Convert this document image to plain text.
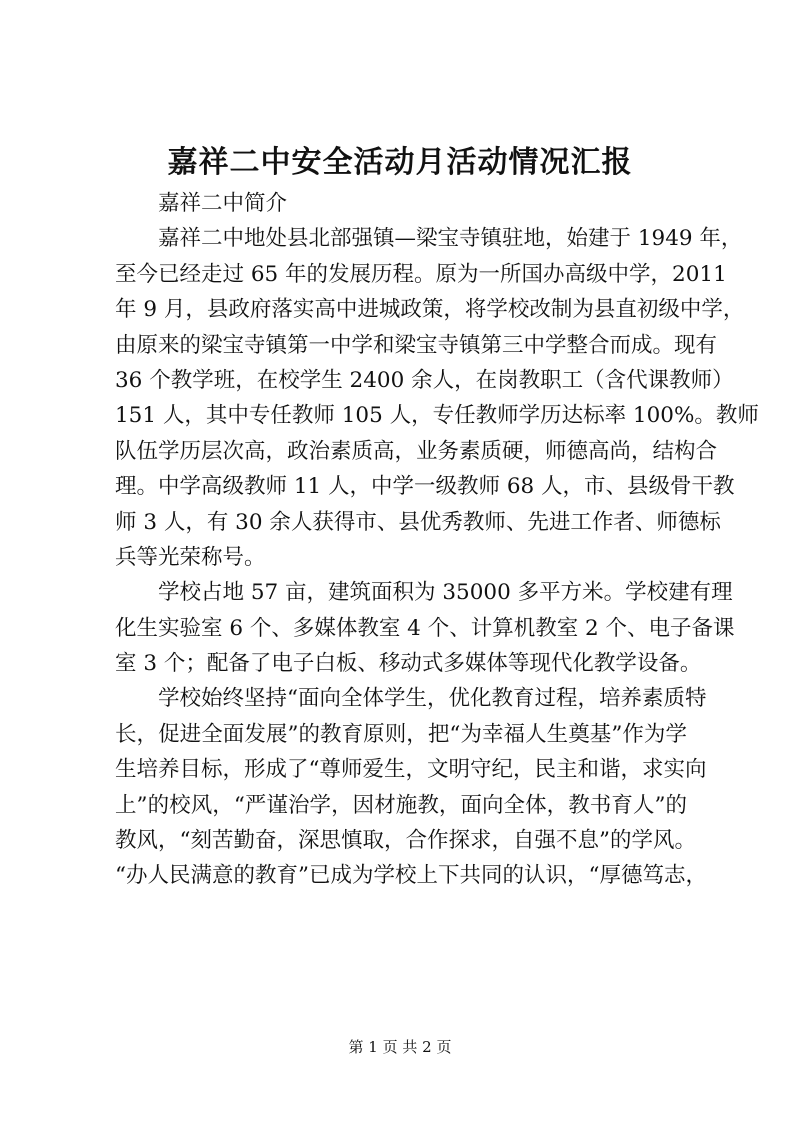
嘉祥二中安全活动月活动情况汇报
嘉祥二中简介
嘉祥二中地处县北部强镇—梁宝寺镇驻地，始建于 1949 年，
至今已经走过 65 年的发展历程。原为一所国办高级中学，2011
年 9 月，县政府落实高中进城政策，将学校改制为县直初级中学，
由原来的梁宝寺镇第一中学和梁宝寺镇第三中学整合而成。现有
36 个教学班，在校学生 2400 余人，在岗教职工（含代课教师）
151 人，其中专任教师 105 人，专任教师学历达标率 100%。教师
队伍学历层次高，政治素质高，业务素质硬，师德高尚，结构合
理。中学高级教师 11 人，中学一级教师 68 人，市、县级骨干教
师 3 人，有 30 余人获得市、县优秀教师、先进工作者、师德标
兵等光荣称号。
学校占地 57 亩，建筑面积为 35000 多平方米。学校建有理
化生实验室 6 个、多媒体教室 4 个、计算机教室 2 个、电子备课
室 3 个；配备了电子白板、移动式多媒体等现代化教学设备。
学校始终坚持“面向全体学生，优化教育过程，培养素质特
长，促进全面发展”的教育原则，把“为幸福人生奠基”作为学
生培养目标，形成了“尊师爱生，文明守纪，民主和谐，求实向
上”的校风，“严谨治学，因材施教，面向全体，教书育人”的
教风，“刻苦勤奋，深思慎取，合作探求，自强不息”的学风。
“办人民满意的教育”已成为学校上下共同的认识，“厚德笃志，
第 1 页 共 2 页
